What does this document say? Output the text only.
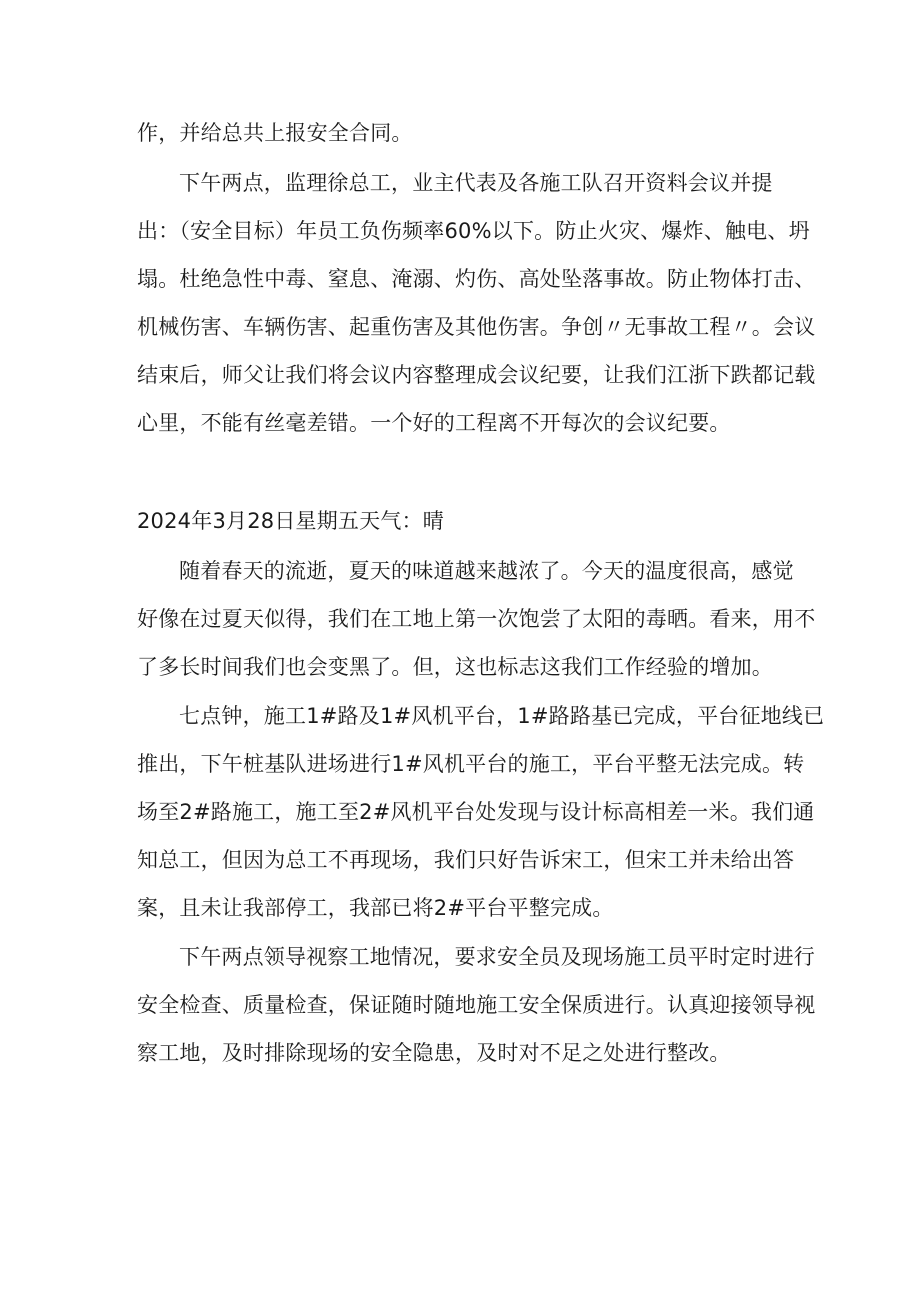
作，并给总共上报安全合同。
下午两点，监理徐总工，业主代表及各施工队召开资料会议并提
出：（安全目标）年员工负伤频率60%以下。防止火灾、爆炸、触电、坍
塌。杜绝急性中毒、窒息、淹溺、灼伤、高处坠落事故。防止物体打击、
机械伤害、车辆伤害、起重伤害及其他伤害。争创〃无事故工程〃。会议
结束后，师父让我们将会议内容整理成会议纪要，让我们江浙下跌都记载
心里，不能有丝毫差错。一个好的工程离不开每次的会议纪要。
2024年3月28日星期五天气：晴
随着春天的流逝，夏天的味道越来越浓了。今天的温度很高，感觉
好像在过夏天似得，我们在工地上第一次饱尝了太阳的毒晒。看来，用不
了多长时间我们也会变黑了。但，这也标志这我们工作经验的增加。
七点钟，施工1#路及1#风机平台，1#路路基已完成，平台征地线已
推出，下午桩基队进场进行1#风机平台的施工，平台平整无法完成。转
场至2#路施工，施工至2#风机平台处发现与设计标高相差一米。我们通
知总工，但因为总工不再现场，我们只好告诉宋工，但宋工并未给出答
案，且未让我部停工，我部已将2#平台平整完成。
下午两点领导视察工地情况，要求安全员及现场施工员平时定时进行
安全检查、质量检查，保证随时随地施工安全保质进行。认真迎接领导视
察工地，及时排除现场的安全隐患，及时对不足之处进行整改。
